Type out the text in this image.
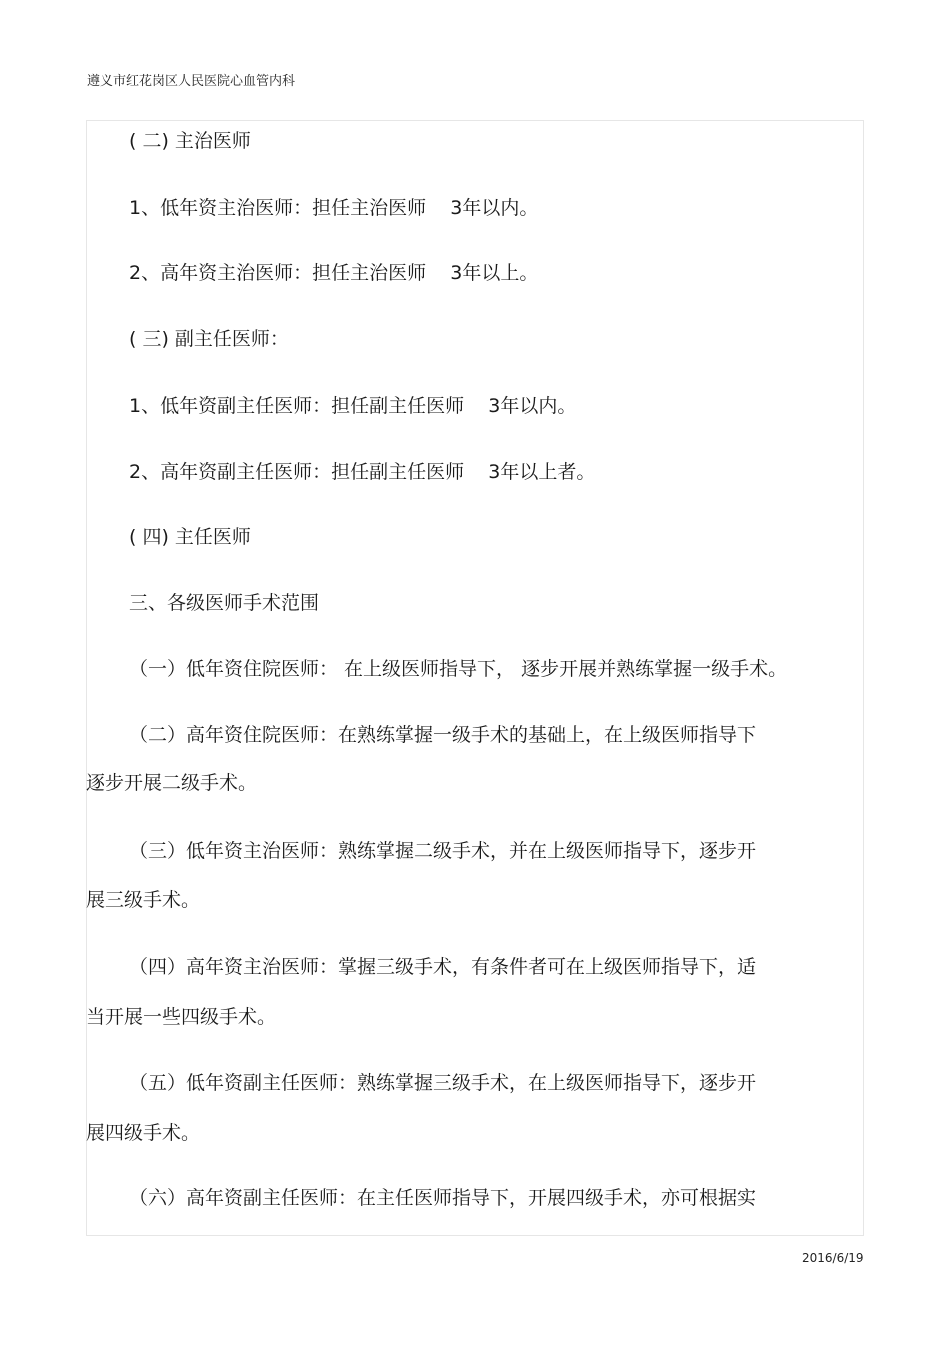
遵义市红花岗区人民医院心血管内科
( 二) 主治医师
1、低年资主治医师：担任主治医师    3年以内。
2、高年资主治医师：担任主治医师    3年以上。
( 三) 副主任医师：
1、低年资副主任医师：担任副主任医师    3年以内。
2、高年资副主任医师：担任副主任医师    3年以上者。
( 四) 主任医师
三、各级医师手术范围
（一）低年资住院医师： 在上级医师指导下， 逐步开展并熟练掌握一级手术。
（二）高年资住院医师：在熟练掌握一级手术的基础上，在上级医师指导下
逐步开展二级手术。
（三）低年资主治医师：熟练掌握二级手术，并在上级医师指导下，逐步开
展三级手术。
（四）高年资主治医师：掌握三级手术，有条件者可在上级医师指导下，适
当开展一些四级手术。
（五）低年资副主任医师：熟练掌握三级手术，在上级医师指导下，逐步开
展四级手术。
（六）高年资副主任医师：在主任医师指导下，开展四级手术，亦可根据实
2016/6/19
